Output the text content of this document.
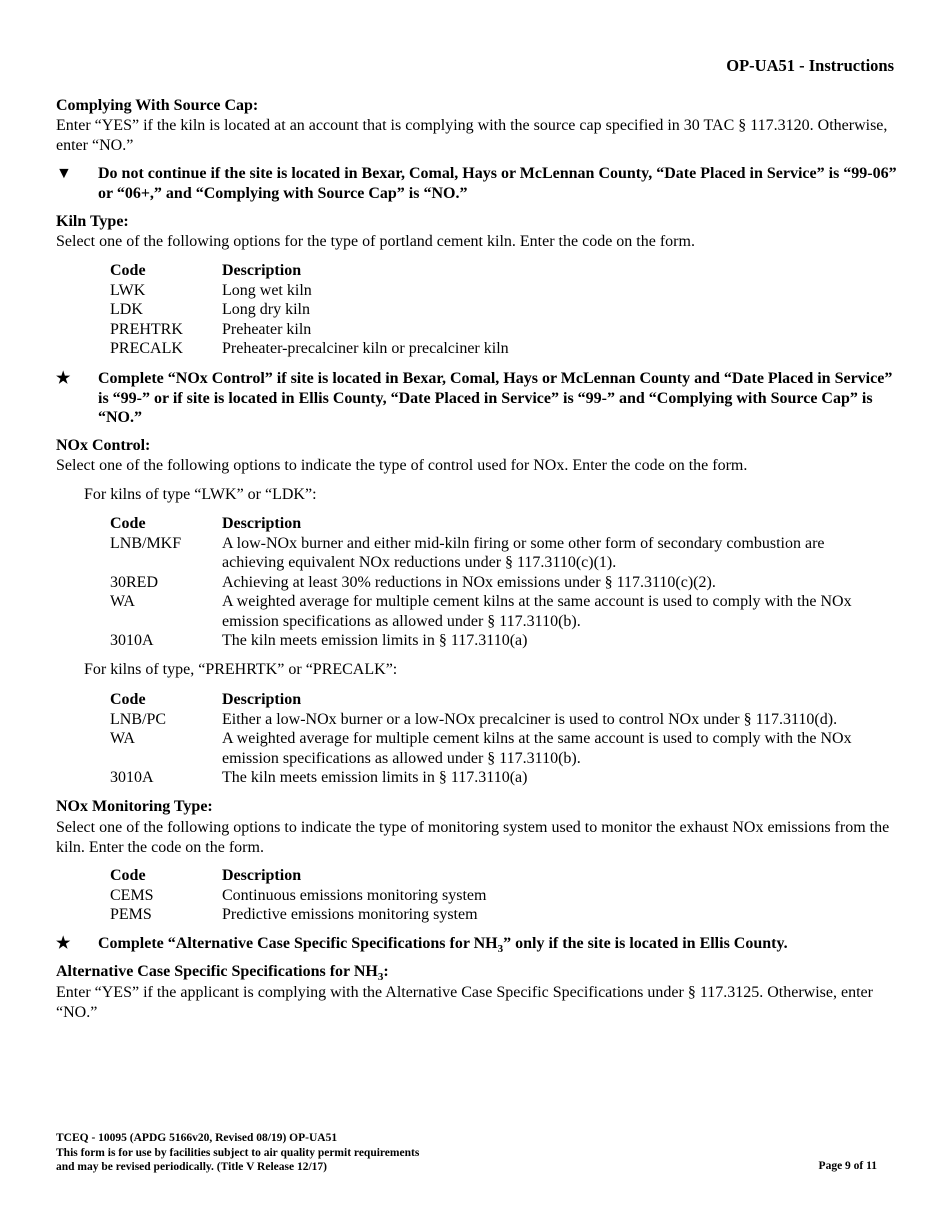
OP-UA51 - Instructions
Complying With Source Cap:
Enter “YES” if the kiln is located at an account that is complying with the source cap specified in 30 TAC § 117.3120. Otherwise, enter “NO.”
▼	Do not continue if the site is located in Bexar, Comal, Hays or McLennan County, “Date Placed in Service” is “99-06” or “06+,” and “Complying with Source Cap” is “NO.”
Kiln Type:
Select one of the following options for the type of portland cement kiln. Enter the code on the form.
Code	Description
LWK	Long wet kiln
LDK	Long dry kiln
PREHTRK	Preheater kiln
PRECALK	Preheater-precalciner kiln or precalciner kiln
★	Complete “NOx Control” if site is located in Bexar, Comal, Hays or McLennan County and “Date Placed in Service” is “99-” or if site is located in Ellis County, “Date Placed in Service” is “99-” and “Complying with Source Cap” is “NO.”
NOx Control:
Select one of the following options to indicate the type of control used for NOx. Enter the code on the form.
For kilns of type “LWK” or “LDK”:
Code	Description
LNB/MKF	A low-NOx burner and either mid-kiln firing or some other form of secondary combustion are achieving equivalent NOx reductions under § 117.3110(c)(1).
30RED	Achieving at least 30% reductions in NOx emissions under § 117.3110(c)(2).
WA	A weighted average for multiple cement kilns at the same account is used to comply with the NOx emission specifications as allowed under § 117.3110(b).
3010A	The kiln meets emission limits in § 117.3110(a)
For kilns of type, “PREHRTK” or “PRECALK”:
Code	Description
LNB/PC	Either a low-NOx burner or a low-NOx precalciner is used to control NOx under § 117.3110(d).
WA	A weighted average for multiple cement kilns at the same account is used to comply with the NOx emission specifications as allowed under § 117.3110(b).
3010A	The kiln meets emission limits in § 117.3110(a)
NOx Monitoring Type:
Select one of the following options to indicate the type of monitoring system used to monitor the exhaust NOx emissions from the kiln. Enter the code on the form.
Code	Description
CEMS	Continuous emissions monitoring system
PEMS	Predictive emissions monitoring system
★	Complete “Alternative Case Specific Specifications for $NH_3$” only if the site is located in Ellis County.
Alternative Case Specific Specifications for $NH_3$:
Enter “YES” if the applicant is complying with the Alternative Case Specific Specifications under § 117.3125. Otherwise, enter “NO.”
TCEQ - 10095 (APDG 5166v20, Revised 08/19) OP-UA51
This form is for use by facilities subject to air quality permit requirements
and may be revised periodically. (Title V Release 12/17)	Page 9 of 11
